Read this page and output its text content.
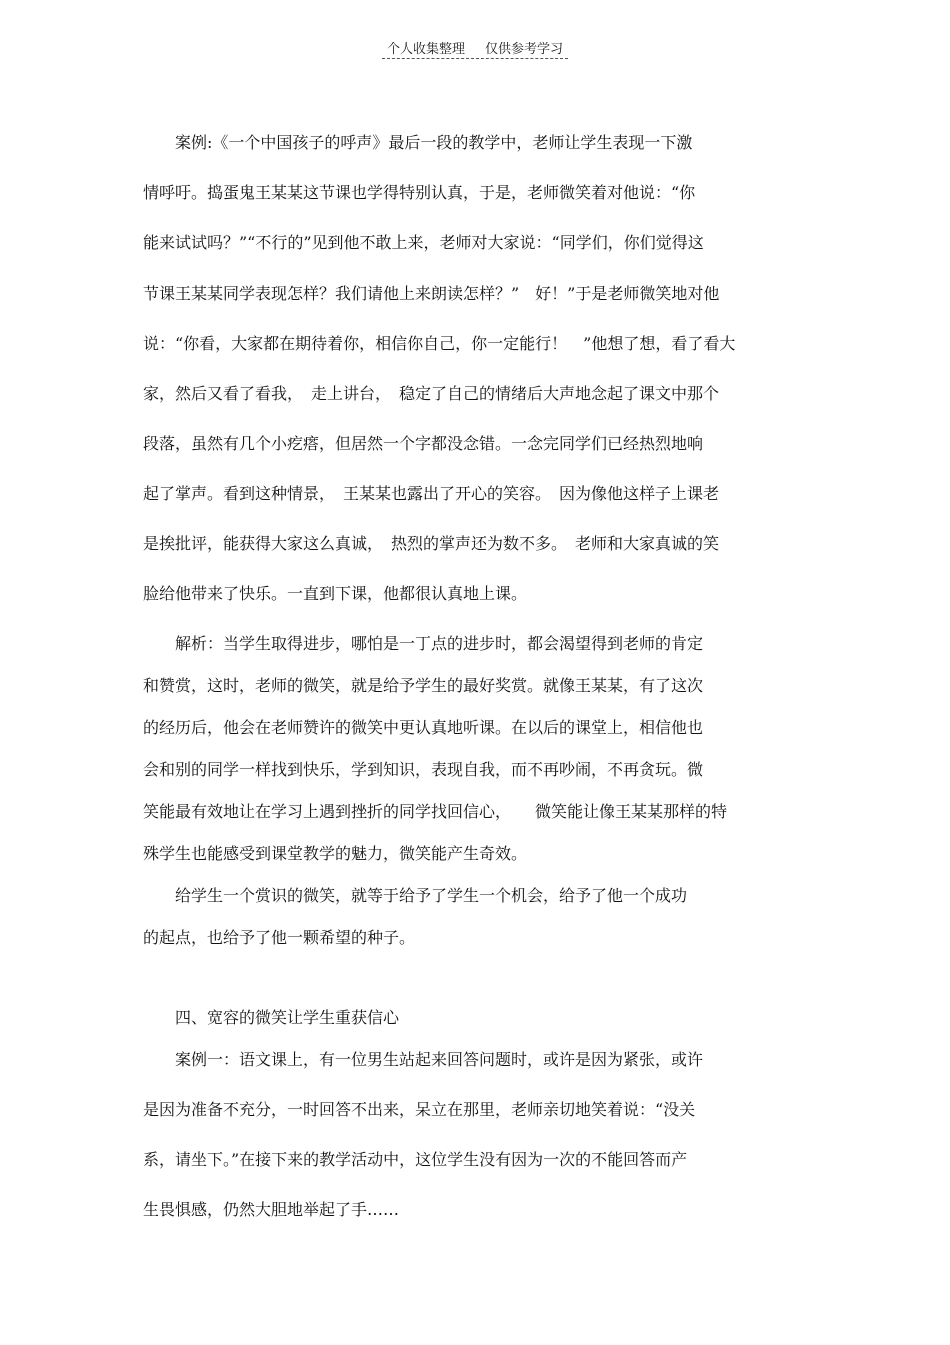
个人收集整理 仅供参考学习
　　案例:《一个中国孩子的呼声》最后一段的教学中，老师让学生表现一下激
情呼吁。捣蛋鬼王某某这节课也学得特别认真，于是，老师微笑着对他说：“你
能来试试吗？”“不行的”见到他不敢上来，老师对大家说：“同学们，你们觉得这
节课王某某同学表现怎样？我们请他上来朗读怎样？”　好！”于是老师微笑地对他
说：“你看，大家都在期待着你，相信你自己，你一定能行！　”他想了想，看了看大
家，然后又看了看我，　走上讲台，　稳定了自己的情绪后大声地念起了课文中那个
段落，虽然有几个小疙瘩，但居然一个字都没念错。一念完同学们已经热烈地响
起了掌声。看到这种情景，　王某某也露出了开心的笑容。　因为像他这样子上课老
是挨批评，能获得大家这么真诚，　热烈的掌声还为数不多。　老师和大家真诚的笑
脸给他带来了快乐。一直到下课，他都很认真地上课。
　　解析：当学生取得进步，哪怕是一丁点的进步时，都会渴望得到老师的肯定
和赞赏，这时，老师的微笑，就是给予学生的最好奖赏。就像王某某，有了这次
的经历后，他会在老师赞许的微笑中更认真地听课。在以后的课堂上，相信他也
会和别的同学一样找到快乐，学到知识，表现自我，而不再吵闹，不再贪玩。微
笑能最有效地让在学习上遇到挫折的同学找回信心，　　微笑能让像王某某那样的特
殊学生也能感受到课堂教学的魅力，微笑能产生奇效。
　　给学生一个赏识的微笑，就等于给予了学生一个机会，给予了他一个成功
的起点，也给予了他一颗希望的种子。
　　四、宽容的微笑让学生重获信心
　　案例一：语文课上，有一位男生站起来回答问题时，或许是因为紧张，或许
是因为准备不充分，一时回答不出来，呆立在那里，老师亲切地笑着说：“没关
系，请坐下。”在接下来的教学活动中，这位学生没有因为一次的不能回答而产
生畏惧感，仍然大胆地举起了手……
